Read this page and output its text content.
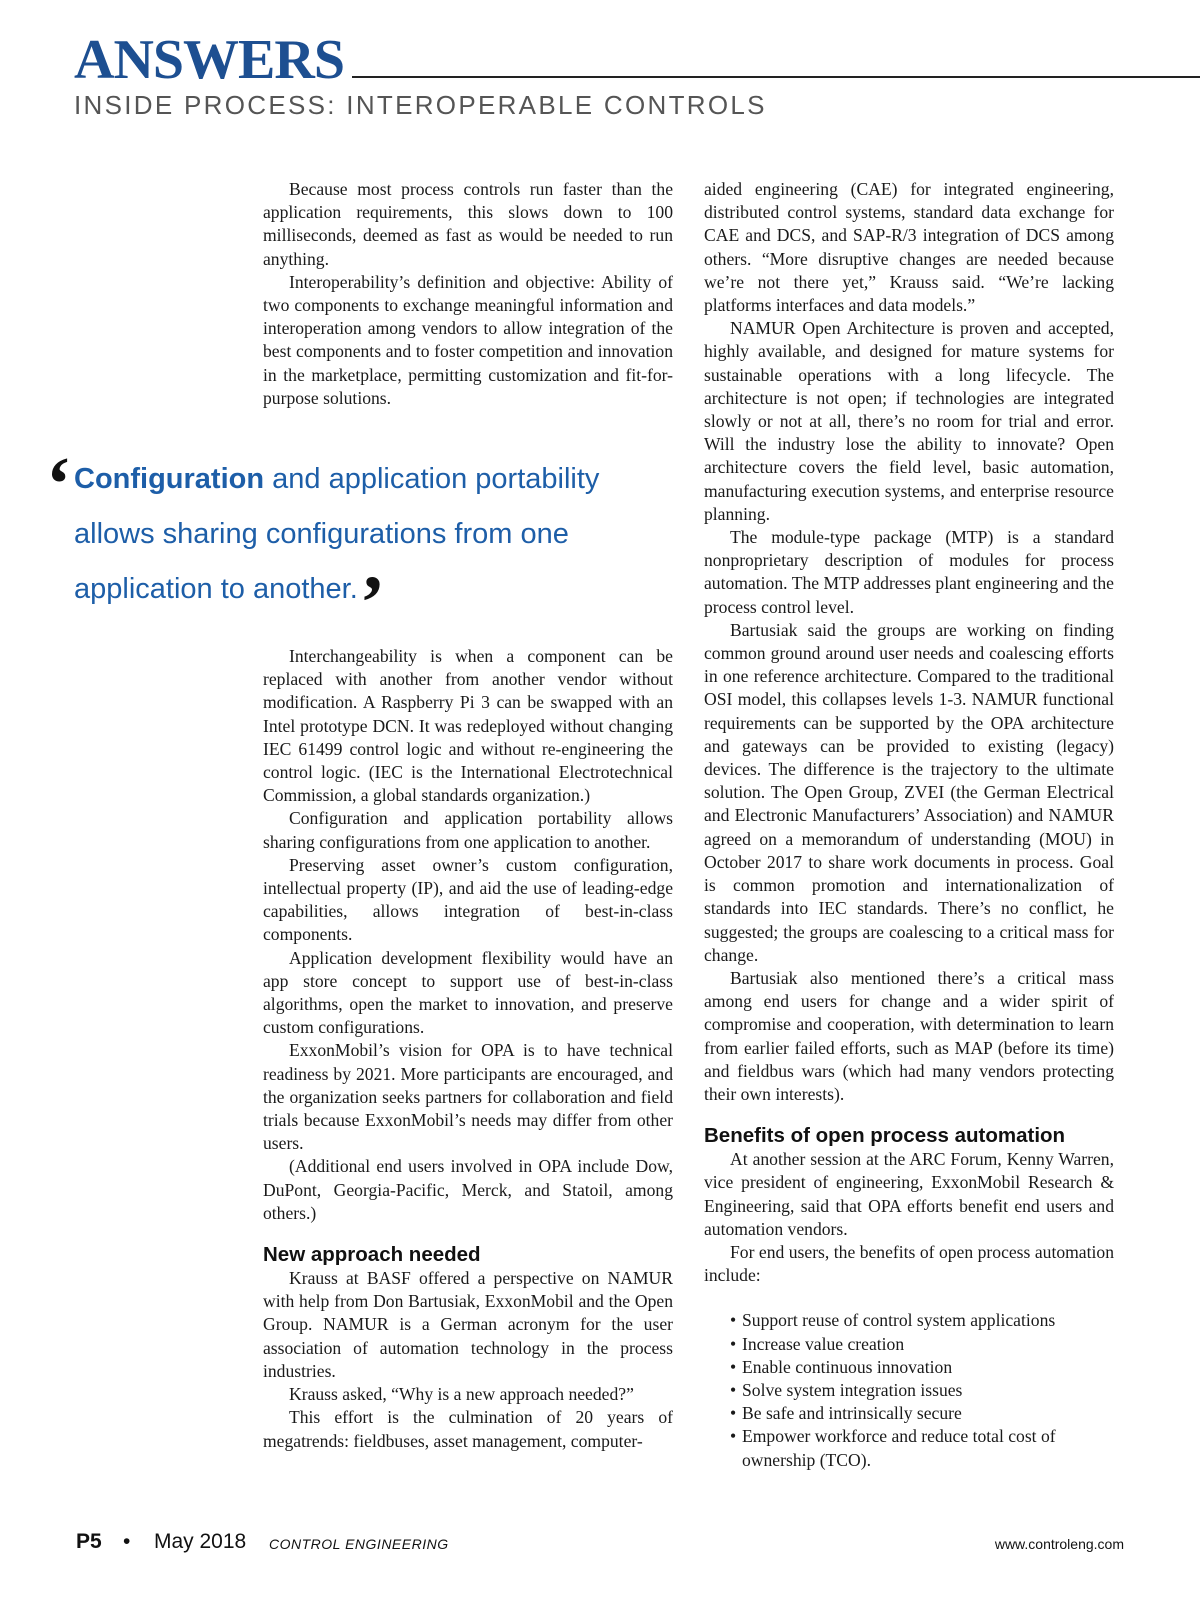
ANSWERS
INSIDE PROCESS: INTEROPERABLE CONTROLS

Because most process controls run faster than the application requirements, this slows down to 100 milliseconds, deemed as fast as would be needed to run anything.

Interoperability’s definition and objective: Ability of two components to exchange meaningful information and interoperation among vendors to allow integration of the best components and to foster competition and innovation in the marketplace, permitting customization and fit-for-purpose solutions.

‘ Configuration and application portability allows sharing configurations from one application to another.’

Interchangeability is when a component can be replaced with another from another vendor without modification. A Raspberry Pi 3 can be swapped with an Intel prototype DCN. It was redeployed without changing IEC 61499 control logic and without re-engineering the control logic. (IEC is the International Electrotechnical Commission, a global standards organization.)

Configuration and application portability allows sharing configurations from one application to another.

Preserving asset owner’s custom configuration, intellectual property (IP), and aid the use of leading-edge capabilities, allows integration of best-in-class components.

Application development flexibility would have an app store concept to support use of best-in-class algorithms, open the market to innovation, and preserve custom configurations.

ExxonMobil’s vision for OPA is to have technical readiness by 2021. More participants are encouraged, and the organization seeks partners for collaboration and field trials because ExxonMobil’s needs may differ from other users.

(Additional end users involved in OPA include Dow, DuPont, Georgia-Pacific, Merck, and Statoil, among others.)

New approach needed

Krauss at BASF offered a perspective on NAMUR with help from Don Bartusiak, ExxonMobil and the Open Group. NAMUR is a German acronym for the user association of automation technology in the process industries.

Krauss asked, “Why is a new approach needed?”

This effort is the culmination of 20 years of megatrends: fieldbuses, asset management, computer-

aided engineering (CAE) for integrated engineering, distributed control systems, standard data exchange for CAE and DCS, and SAP-R/3 integration of DCS among others. “More disruptive changes are needed because we’re not there yet,” Krauss said. “We’re lacking platforms interfaces and data models.”

NAMUR Open Architecture is proven and accepted, highly available, and designed for mature systems for sustainable operations with a long lifecycle. The architecture is not open; if technologies are integrated slowly or not at all, there’s no room for trial and error. Will the industry lose the ability to innovate? Open architecture covers the field level, basic automation, manufacturing execution systems, and enterprise resource planning.

The module-type package (MTP) is a standard nonproprietary description of modules for process automation. The MTP addresses plant engineering and the process control level.

Bartusiak said the groups are working on finding common ground around user needs and coalescing efforts in one reference architecture. Compared to the traditional OSI model, this collapses levels 1-3. NAMUR functional requirements can be supported by the OPA architecture and gateways can be provided to existing (legacy) devices. The difference is the trajectory to the ultimate solution. The Open Group, ZVEI (the German Electrical and Electronic Manufacturers’ Association) and NAMUR agreed on a memorandum of understanding (MOU) in October 2017 to share work documents in process. Goal is common promotion and internationalization of standards into IEC standards. There’s no conflict, he suggested; the groups are coalescing to a critical mass for change.

Bartusiak also mentioned there’s a critical mass among end users for change and a wider spirit of compromise and cooperation, with determination to learn from earlier failed efforts, such as MAP (before its time) and fieldbus wars (which had many vendors protecting their own interests).

Benefits of open process automation

At another session at the ARC Forum, Kenny Warren, vice president of engineering, ExxonMobil Research & Engineering, said that OPA efforts benefit end users and automation vendors.

For end users, the benefits of open process automation include:

• Support reuse of control system applications
• Increase value creation
• Enable continuous innovation
• Solve system integration issues
• Be safe and intrinsically secure
• Empower workforce and reduce total cost of ownership (TCO).
P5 • May 2018 CONTROL ENGINEERING	www.controleng.com
